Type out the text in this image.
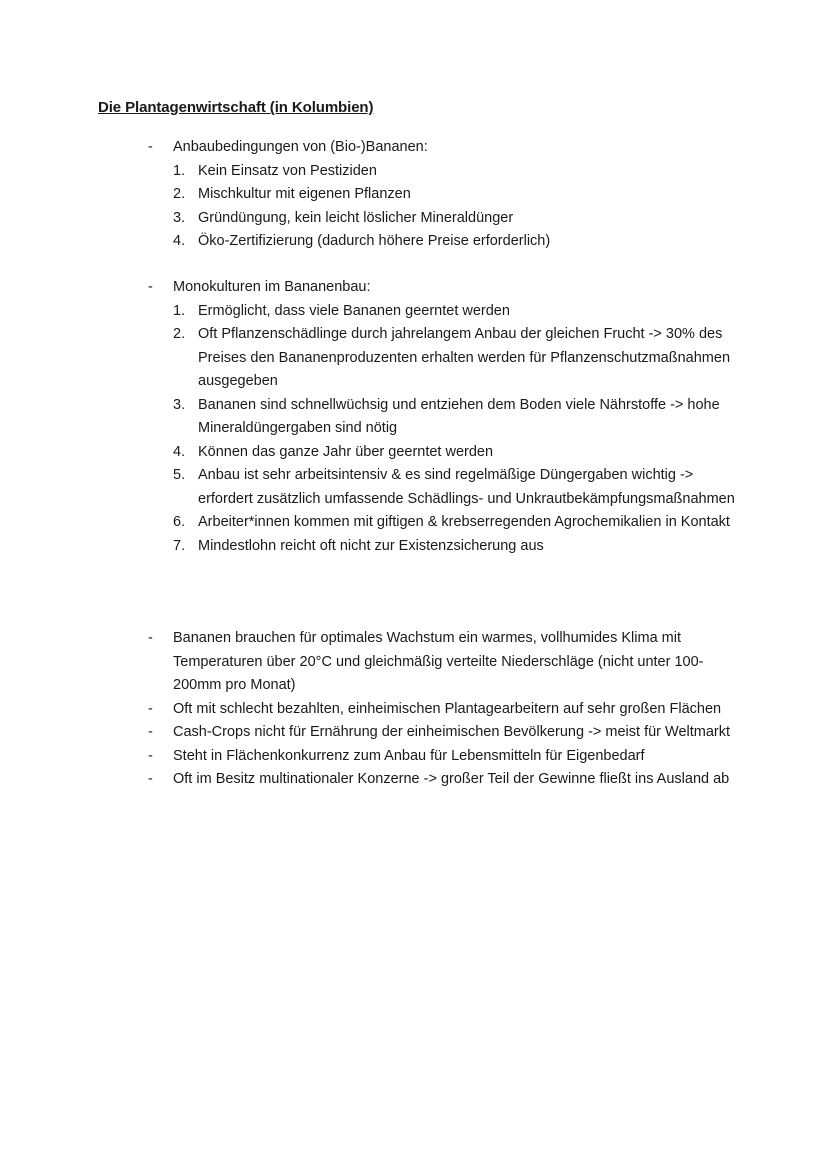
Die Plantagenwirtschaft (in Kolumbien)
- Anbaubedingungen von (Bio-)Bananen:
1. Kein Einsatz von Pestiziden
2. Mischkultur mit eigenen Pflanzen
3. Gründüngung, kein leicht löslicher Mineraldünger
4. Öko-Zertifizierung (dadurch höhere Preise erforderlich)
- Monokulturen im Bananenbau:
1. Ermöglicht, dass viele Bananen geerntet werden
2. Oft Pflanzenschädlinge durch jahrelangem Anbau der gleichen Frucht -> 30% des Preises den Bananenproduzenten erhalten werden für Pflanzenschutzmaßnahmen ausgegeben
3. Bananen sind schnellwüchsig und entziehen dem Boden viele Nährstoffe -> hohe Mineraldüngergaben sind nötig
4. Können das ganze Jahr über geerntet werden
5. Anbau ist sehr arbeitsintensiv & es sind regelmäßige Düngergaben wichtig -> erfordert zusätzlich umfassende Schädlings- und Unkrautbekämpfungsmaßnahmen
6. Arbeiter*innen kommen mit giftigen & krebserregenden Agrochemikalien in Kontakt
7. Mindestlohn reicht oft nicht zur Existenzsicherung aus
- Bananen brauchen für optimales Wachstum ein warmes, vollhumides Klima mit Temperaturen über 20°C und gleichmäßig verteilte Niederschläge (nicht unter 100-200mm pro Monat)
- Oft mit schlecht bezahlten, einheimischen Plantagearbeitern auf sehr großen Flächen
- Cash-Crops nicht für Ernährung der einheimischen Bevölkerung -> meist für Weltmarkt
- Steht in Flächenkonkurrenz zum Anbau für Lebensmitteln für Eigenbedarf
- Oft im Besitz multinationaler Konzerne -> großer Teil der Gewinne fließt ins Ausland ab
